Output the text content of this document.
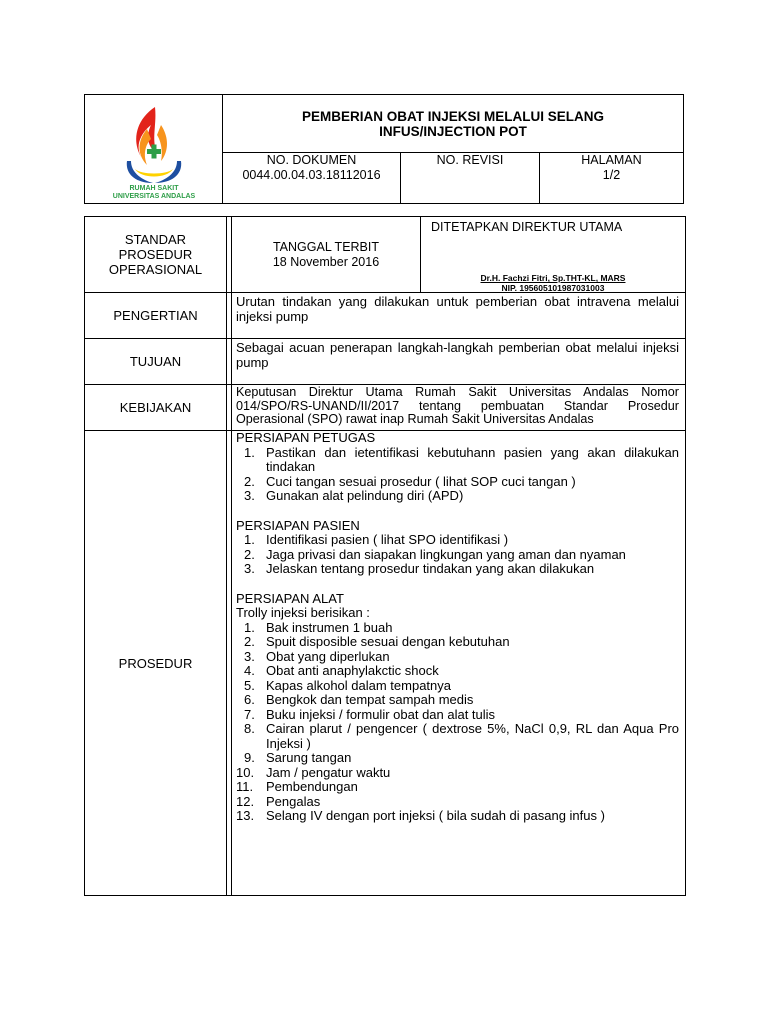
RUMAH SAKIT
UNIVERSITAS ANDALAS
PEMBERIAN OBAT INJEKSI MELALUI SELANG
INFUS/INJECTION POT
NO. DOKUMEN
0044.00.04.03.18112016
NO. REVISI	HALAMAN
1/2
STANDAR
PROSEDUR
OPERASIONAL
TANGGAL TERBIT
18 November 2016
DITETAPKAN DIREKTUR UTAMA
Dr.H. Fachzi Fitri, Sp.THT-KL, MARS
NIP. 195605101987031003
PENGERTIAN
Urutan tindakan yang dilakukan untuk pemberian obat intravena melalui injeksi pump
TUJUAN
Sebagai acuan penerapan langkah-langkah pemberian obat melalui injeksi pump
KEBIJAKAN
Keputusan Direktur Utama Rumah Sakit Universitas Andalas Nomor 014/SPO/RS-UNAND/II/2017 tentang pembuatan Standar Prosedur Operasional (SPO) rawat inap Rumah Sakit Universitas Andalas
PROSEDUR
PERSIAPAN PETUGAS
1. Pastikan dan ietentifikasi kebutuhann pasien yang akan dilakukan tindakan
2. Cuci tangan sesuai prosedur ( lihat SOP cuci tangan )
3. Gunakan alat pelindung diri (APD)
PERSIAPAN PASIEN
1. Identifikasi pasien ( lihat SPO identifikasi )
2. Jaga privasi dan siapakan lingkungan yang aman dan nyaman
3. Jelaskan tentang prosedur tindakan yang akan dilakukan
PERSIAPAN ALAT
Trolly injeksi berisikan :
1. Bak instrumen 1 buah
2. Spuit disposible sesuai dengan kebutuhan
3. Obat yang diperlukan
4. Obat anti anaphylakctic shock
5. Kapas alkohol dalam tempatnya
6. Bengkok dan tempat sampah medis
7. Buku injeksi / formulir obat dan alat tulis
8. Cairan plarut / pengencer ( dextrose 5%, NaCl 0,9, RL dan Aqua Pro Injeksi )
9. Sarung tangan
10. Jam / pengatur waktu
11. Pembendungan
12. Pengalas
13. Selang IV dengan port injeksi ( bila sudah di pasang infus )
